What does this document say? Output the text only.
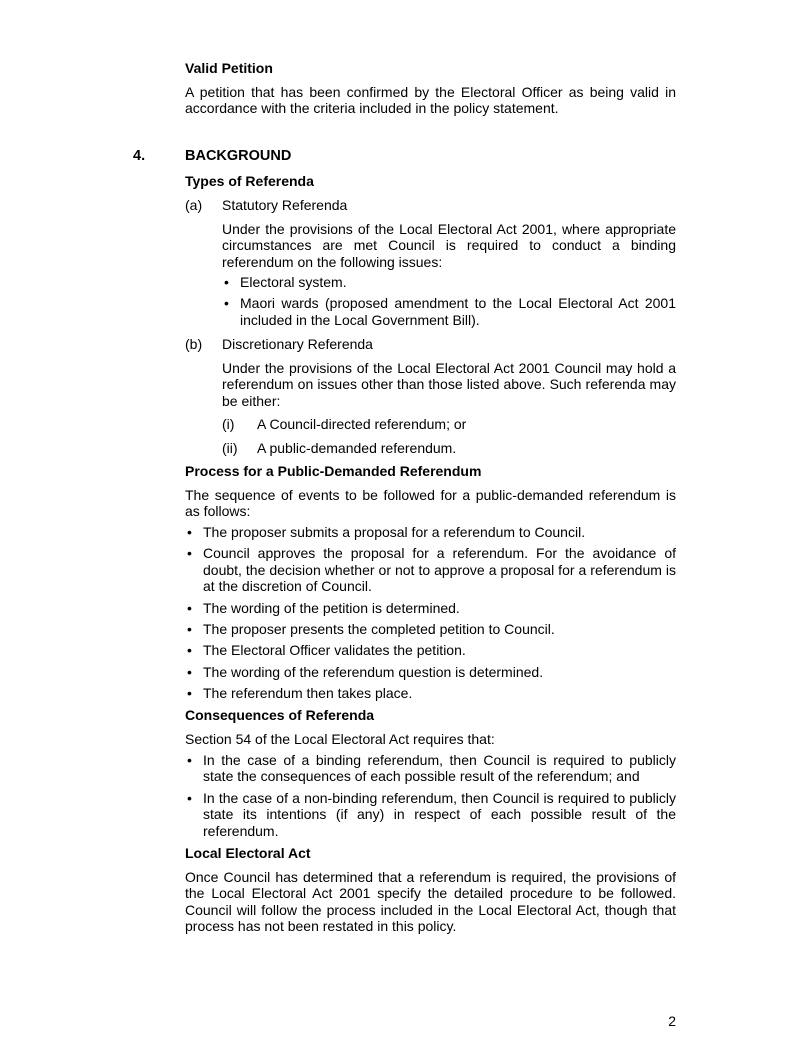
Valid Petition
A petition that has been confirmed by the Electoral Officer as being valid in accordance with the criteria included in the policy statement.
4.	BACKGROUND
Types of Referenda
(a)	Statutory Referenda
Under the provisions of the Local Electoral Act 2001, where appropriate circumstances are met Council is required to conduct a binding referendum on the following issues:

• Electoral system.

• Maori wards (proposed amendment to the Local Electoral Act 2001 included in the Local Government Bill).

(b)	Discretionary Referenda
Under the provisions of the Local Electoral Act 2001 Council may hold a referendum on issues other than those listed above. Such referenda may be either:
(i) A Council-directed referendum; or
(ii) A public-demanded referendum.
Process for a Public-Demanded Referendum
The sequence of events to be followed for a public-demanded referendum is as follows:

• The proposer submits a proposal for a referendum to Council.

• Council approves the proposal for a referendum. For the avoidance of doubt, the decision whether or not to approve a proposal for a referendum is at the discretion of Council.

• The wording of the petition is determined.

• The proposer presents the completed petition to Council.

• The Electoral Officer validates the petition.

• The wording of the referendum question is determined.

• The referendum then takes place.

Consequences of Referenda
Section 54 of the Local Electoral Act requires that:

• In the case of a binding referendum, then Council is required to publicly state the consequences of each possible result of the referendum; and

• In the case of a non-binding referendum, then Council is required to publicly state its intentions (if any) in respect of each possible result of the referendum.

Local Electoral Act
Once Council has determined that a referendum is required, the provisions of the Local Electoral Act 2001 specify the detailed procedure to be followed. Council will follow the process included in the Local Electoral Act, though that process has not been restated in this policy.
2
